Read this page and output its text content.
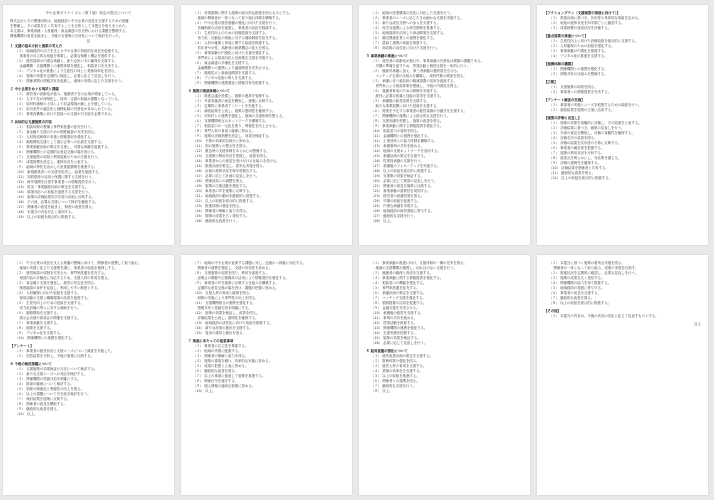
中小企業ダイナミズム（第１版）改定の提言について
株式会社とその関連団体は、地域経済と中小企業の成長を支援するための基盤
を整備し、その成果を広く共有することを目的として本提言を取りまとめた。
本文書は、事業承継・人材確保・資金調達の各分野における課題を整理する。
関係機関の意見を踏まえ、今後の支援策の方向性について検討を行った。
記
１ 支援の基本方針と施策の考え方
（１） 地域経済の活力を支える中小企業の持続的な成長を促進する。
　 事業者の自主的な取組を尊重し、必要な情報と機会を提供する。
（２） 経営資源の円滑な承継と、新たな担い手の確保を支援する。
　 金融機関・支援機関との連携体制を強化し、相談窓口を充実する。
（３） デジタル化の推進により生産性の向上と業務効率化を図る。
（４） 施策の効果を定期的に検証し、必要に応じて見直しを行う。
（５） 関係者間の情報共有を促進し、地域の実情に応じた支援を行う。
２ 中小企業をめぐる現状と課題
（１） 経営者の高齢化が進み、後継者不在の企業が増加している。
（２） 人手不足が深刻化し、採用・定着の取組が課題となっている。
（３） 原材料価格の上昇により収益環境が厳しさを増している。
（４） 取引条件の適正化と価格転嫁の円滑化が求められている。
（５） 事業再構築に向けた投資への支援が引き続き必要である。
３ 具体的な支援施策の内容
（１） 相談体制の整備と専門家派遣の拡充を行う。
（２） 資金繰り支援のための制度融資の充実を図る。
（３） 人材育成研修の実施と情報発信を強化する。
（４） 販路開拓支援として展示会等への出展を支援する。
（５） 事業承継計画の策定を支援し、円滑な承継を促進する。
（６） 関係機関との定期的な意見交換の場を設ける。
（７） 支援施策の周知と利用促進のための広報を行う。
（８） 成果指標を設定し、進捗状況を公表する。
（９） 地域の特性を活かした産業振興策を推進する。
（10） 新規創業者への支援を拡充し、起業を促進する。
（11） 知的財産の活用と保護に関する支援を行う。
（12） 海外展開を目指す事業者への情報提供を行う。
（13） 防災・事業継続計画の策定を支援する。
（14） 環境対応への取組を促進する支援を行う。
（15） 施策の評価結果を次年度の計画に反映する。
（16） その他、必要な支援について検討を継続する。
（17） 関係者の意見を踏まえ、制度の改善を図る。
（18） 本提言の内容を広く周知する。
（19） 以上の取組を総合的に推進する。
（１） 産業振興に関する施策の総合的な推進を図るものとする。
　 地域の関係者が一体となって取り組む体制を構築する。
（２） 中小企業の経営基盤の強化に向けた支援を行う。
　 各種制度の活用を促進し、事業者の負担を軽減する。
（３） 生産性向上のための設備投資を支援する。
　 省力化・自動化の取組に対する補助制度を拡充する。
（４） 人材の確保と育成に関する取組を推進する。
　 若年者や女性、高齢者の就業機会の拡大を図る。
（５） 事業承継の円滑化に向けた支援を強化する。
　 専門家による相談対応と計画策定支援を実施する。
（６） 資金調達の多様化を支援する。
　 金融機関との連携により融資制度を充実させる。
（７） 販路拡大と新商品開発を支援する。
（８） デジタル技術の導入を支援する。
（９） 関係機関の連携強化と情報共有を推進する。
４ 施策の推進体制について
（１） 推進会議を設置し、施策の進捗を管理する。
（２） 外部有識者の意見を聴取し、施策に反映する。
（３） 定期的に事業者アンケートを実施する。
（４） 調査結果を公表し、施策の透明性を確保する。
（５） 市町村との連携を強化し、地域の支援体制を整える。
（６） 支援機関相互のネットワークを構築する。
（７） 相談窓口の一元化を図り、利便性を向上させる。
（８） 専門人材の育成と確保に努める。
（９） 施策の評価指標を設定し、効果を検証する。
（10） 予算の効率的な執行に努める。
（11） 国の施策との整合性を図る。
（12） 緊急時の支援体制をあらかじめ整備する。
（13） 支援策の利用状況を把握し、改善を図る。
（14） 事業者からの意見を受け付ける仕組みを設ける。
（15） 推進計画を策定し、着実な実施を図る。
（16） 計画の進捗状況を毎年度報告する。
（17） 必要に応じて計画の見直しを行う。
（18） 関係部局との調整を図る。
（19） 施策の広報活動を強化する。
（20） 事業者の声を施策に反映する。
（21） 地域経済の動向を継続的に把握する。
（22） 以上の取組を総合的に推進する。
（23） 推進体制の強化を図る。
（24） 関係者の理解と協力を得る。
（25） 施策の成果を広く発信する。
（26） 継続的な改善を行う。
（１） 地域の産業構造の変化に対応した支援を行う。
（２） 事業者のニーズに応じたきめ細かな支援を実施する。
（３） 新たな成長分野への参入を支援する。
（４） 産学官連携による研究開発を推進する。
（５） 地域資源を活用した商品開発を支援する。
（６） 観光関連産業との連携を強化する。
（７） 農商工連携の取組を推進する。
（８） 商店街の活性化に向けた支援を行う。
５ 事業承継の推進について
（１） 経営者の高齢化が進む中、事業承継の円滑化は喫緊の課題である。
　 早期の準備を促すため、啓発活動と個別支援を一体的に行う。
（２） 親族内承継に加え、第三者承継の選択肢を広げる。
　 マッチング支援の仕組みを構築し、成約件数の増加を図る。
（３） 承継に伴う税負担の軽減措置の活用を促進する。
　 専門家による相談体制を整備し、手続の円滑化を図る。
（４） 後継者育成のための研修を実施する。
　 経営に必要な知識と技能の習得を支援する。
（５） 承継後の経営改善を支援する。
　 新たな事業展開に向けた投資を支援する。
（６） 廃業を予定する事業者の経営資源の引継ぎを支援する。
（７） 関係機関の連携による総合的な支援を行う。
（８） 支援実績を把握し、施策の改善を図る。
（９） 事業承継に関する情報提供を強化する。
（10） 相談窓口の周知を図る。
（11） 金融機関との連携を強化する。
（12） 士業団体との協力体制を構築する。
（13） 承継事例の共有を進める。
（14） 地域の支援ネットワークを活用する。
（15） 承継計画の策定を支援する。
（16） 従業員承継の支援を行う。
（17） 承継後のフォローアップを実施する。
（18） 以上の取組を総合的に推進する。
（19） 支援策の効果を検証する。
（20） 必要に応じて制度の見直しを行う。
（21） 関係者の意見を施策に反映する。
（22） 事業承継の重要性を周知する。
（23） 経営者の意識啓発を図る。
（24） 早期の取組を促進する。
（25） 円滑な承継を実現する。
（26） 地域経済の維持発展に寄与する。
（27） 継続的な支援を行う。
（28） 以上。
【アクションプラン（支援施策の推進に向けて）】
（１） 推進計画に基づき、各年度の具体的な取組を定める。
（２） 取組の進捗状況を四半期ごとに確認する。
（３） 成果指標の達成状況を評価する。
【重点施策の推進について】
（１） 生産性向上に向けた設備投資を重点的に支援する。
（２） 人材確保のための取組を強化する。
（３） 事業承継の円滑化を推進する。
（４） デジタル化の推進を支援する。
【連携体制の構築】
（１） 関係機関との連携を強化する。
（２） 情報共有の仕組みを整備する。
【広報】
（１） 支援施策の周知を図る。
（２） 事業者への情報提供を充実する。
【アンケート調査の実施】
（１） 事業者の実態とニーズを把握するための調査を行う。
（２） 調査結果を施策の立案に活用する。
【施策の評価と見直し】
（１） 施策の効果を客観的に評価し、その結果を公表する。
（２） 評価結果に基づき、施策の見直しを行う。
（３） 外部の意見を聴取し、評価の客観性を確保する。
（４） 評価手法の改善を図る。
（５） 評価の結果を次年度の予算に反映する。
（６） 事業者の満足度を把握する。
（７） 施策の利用状況を分析する。
（８） 改善点を明らかにし、対応策を講じる。
（９） 評価の透明性を確保する。
（10） 評価結果を関係者と共有する。
（11） 継続的な改善を図る。
（12） 以上の取組を総合的に推進する。
（１） 中小企業の成長を支える基盤の整備に向けて、関係者が連携して取り組む。
　 地域の実情に応じた支援策を講じ、事業者の取組を後押しする。
（２） 経営相談の体制を充実させ、専門家派遣を拡充する。
　 相談内容の多様化に対応するため、支援人材の育成を図る。
（３） 資金繰り支援を強化し、経営の安定化を図る。
　 制度融資の条件を見直し、利用しやすい制度とする。
（４） 人材確保に向けた取組を支援する。
　 採用活動の支援と職場環境の改善を促進する。
（５） 生産性向上のための投資を支援する。
　 省力化設備の導入に対する補助を行う。
（６） 販路開拓を支援する。
　 展示会出展や商談会の開催を支援する。
（７） 事業承継を支援する。
（８） 創業を支援する。
（９） デジタル化を支援する。
（10） 関係機関との連携を強化する。
【アンケート】
（１） 事業者の経営状況と支援ニーズについて調査を実施した。
（２） 回答結果を分析し、今後の施策に反映する。
６ 今後の検討課題について
（１） 支援施策の効果検証の方法について検討する。
（２） 新たな支援ニーズへの対応を検討する。
（３） 関係機関の役割分担を明確にする。
（４） 財源の確保について検討する。
（５） 制度の簡素化と利便性の向上を図る。
（６） 以上の課題について引き続き検討を行う。
（７） 検討結果を施策に反映する。
（８） 関係者の意見を聴取する。
（９） 継続的な改善を図る。
（10） 以上。
（７） 地域の中小企業が直面する課題に対し、迅速かつ的確に対応する。
　 関係者の連携を強化し、支援の実効性を高める。
（８） 支援施策の周知を図り、利用を促進する。
　 説明会の開催や広報媒体の活用により情報発信を強化する。
（９） 事業者の声を施策に反映する仕組みを構築する。
　 定期的な意見交換の場を設け、課題の把握に努める。
（10） 支援人材の育成と確保を図る。
　 研修の実施により専門性の向上を図る。
（11） 支援機関相互の連携を強化する。
　 情報共有と役割分担を明確にする。
（12） 施策の効果を検証し、改善を図る。
　 評価結果を公表し、透明性を確保する。
（13） 地域経済の活性化に向けた取組を推進する。
（14） 新たな産業の創出を支援する。
（15） 雇用の維持と創出を図る。
７ 推進にあたっての留意事項
（１） 事業者の自主性を尊重する。
（２） 地域の実情に配慮する。
（３） 関係者の理解と協力を得る。
（４） 施策の重複を避け、効率的な実施に努める。
（５） 成果の把握と公表に努める。
（６） 継続的な改善を図る。
（７） 以上の事項に留意して施策を推進する。
（８） 関係法令を遵守する。
（９） 個人情報の適切な管理に努める。
（10） 以上。
（１） 事業承継の推進に向け、支援体制の一層の充実を図る。
　 地域の支援機関が連携し、切れ目のない支援を行う。
（２） 後継者の確保と育成を支援する。
（３） 事業承継に関する情報提供を強化する。
（４） 相談窓口の機能を強化する。
（５） 専門家派遣を拡充する。
（６） 承継計画の策定を支援する。
（７） マッチング支援を強化する。
（８） 税制措置の活用を促進する。
（９） 金融支援を充実させる。
（10） 承継後の経営を支援する。
（11） 事例の共有を進める。
（12） 啓発活動を推進する。
（13） 関係機関の連携を強化する。
（14） 支援実績を把握する。
（15） 施策の効果を検証する。
（16） 必要に応じて見直しを行う。
８ 経営基盤の強化について
（１） 経営改善計画の策定を支援する。
（２） 財務体質の強化を図る。
（３） 経営人材の育成を支援する。
（４） 業務の効率化を支援する。
（５） 以上の取組を推進する。
（６） 関係者との連携を図る。
（７） 継続的な支援を行う。
（８） 以上。
（１） 本提言に基づく施策の着実な実施を図る。
　 関係者が一体となって取り組み、成果の実現を目指す。
（２） 推進状況を定期的に確認し、必要な見直しを行う。
（３） 施策の成果を広く発信する。
（４） 関係機関の協力を得て推進する。
（５） 地域経済の発展に寄与する。
（６） 事業者の成長を支援する。
（７） 継続的な改善を図る。
（８） 以上の取組を総合的に推進する。
【その他】
（１） 本提言の内容は、今後の状況の変化に応じて見直すものとする。
以上
